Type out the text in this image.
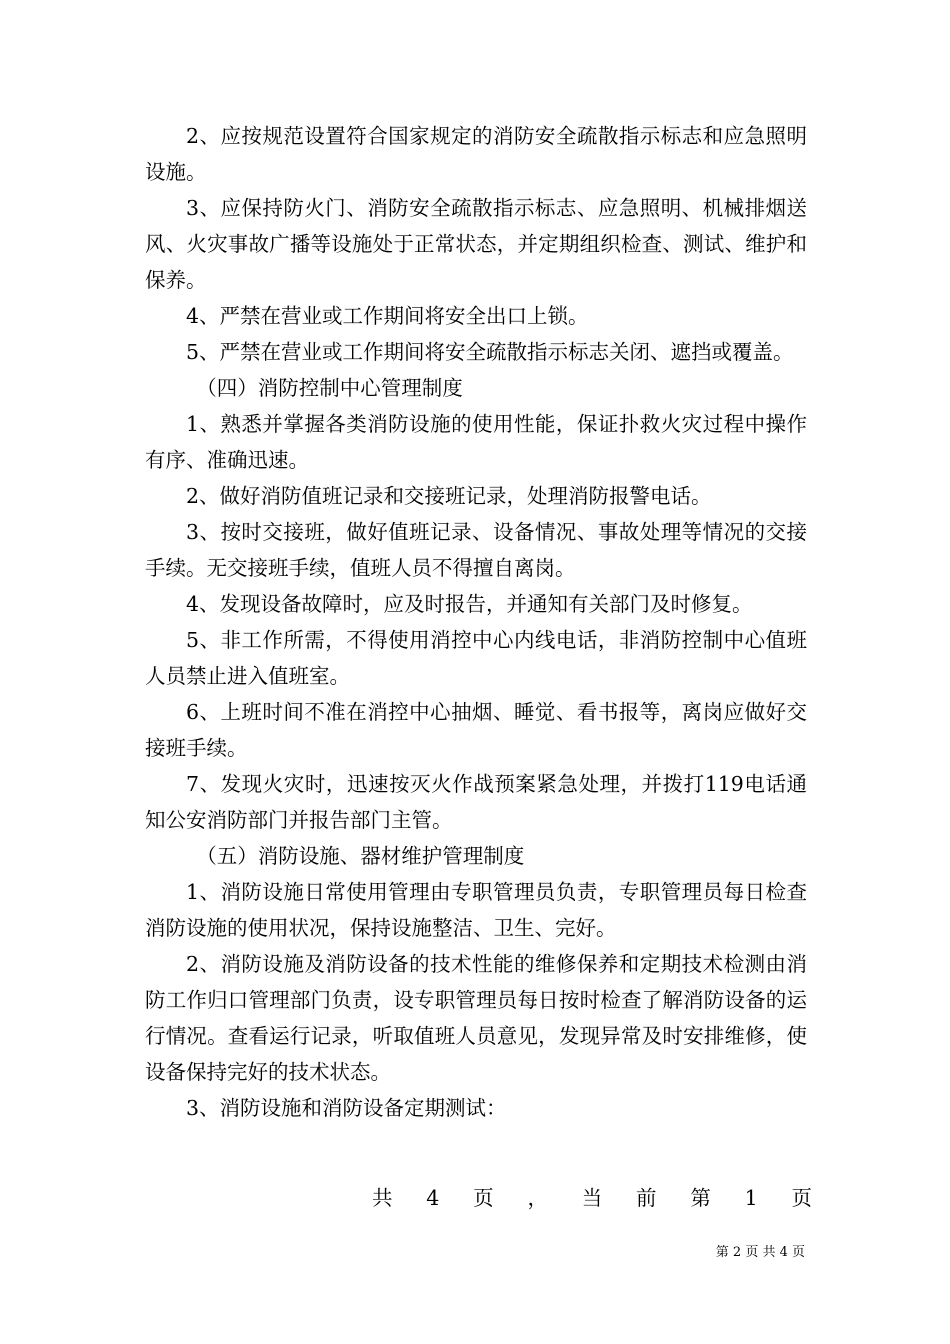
2、应按规范设置符合国家规定的消防安全疏散指示标志和应急照明设施。

3、应保持防火门、消防安全疏散指示标志、应急照明、机械排烟送风、火灾事故广播等设施处于正常状态，并定期组织检查、测试、维护和保养。

4、严禁在营业或工作期间将安全出口上锁。

5、严禁在营业或工作期间将安全疏散指示标志关闭、遮挡或覆盖。

（四）消防控制中心管理制度

1、熟悉并掌握各类消防设施的使用性能，保证扑救火灾过程中操作有序、准确迅速。

2、做好消防值班记录和交接班记录，处理消防报警电话。

3、按时交接班，做好值班记录、设备情况、事故处理等情况的交接手续。无交接班手续，值班人员不得擅自离岗。

4、发现设备故障时，应及时报告，并通知有关部门及时修复。

5、非工作所需，不得使用消控中心内线电话，非消防控制中心值班人员禁止进入值班室。

6、上班时间不准在消控中心抽烟、睡觉、看书报等，离岗应做好交接班手续。

7、发现火灾时，迅速按灭火作战预案紧急处理，并拨打119电话通知公安消防部门并报告部门主管。

（五）消防设施、器材维护管理制度

1、消防设施日常使用管理由专职管理员负责，专职管理员每日检查消防设施的使用状况，保持设施整洁、卫生、完好。

2、消防设施及消防设备的技术性能的维修保养和定期技术检测由消防工作归口管理部门负责，设专职管理员每日按时检查了解消防设备的运行情况。查看运行记录，听取值班人员意见，发现异常及时安排维修，使设备保持完好的技术状态。

3、消防设施和消防设备定期测试：

共 4 页 ， 当 前 第 1 页

第 2 页 共 4 页
